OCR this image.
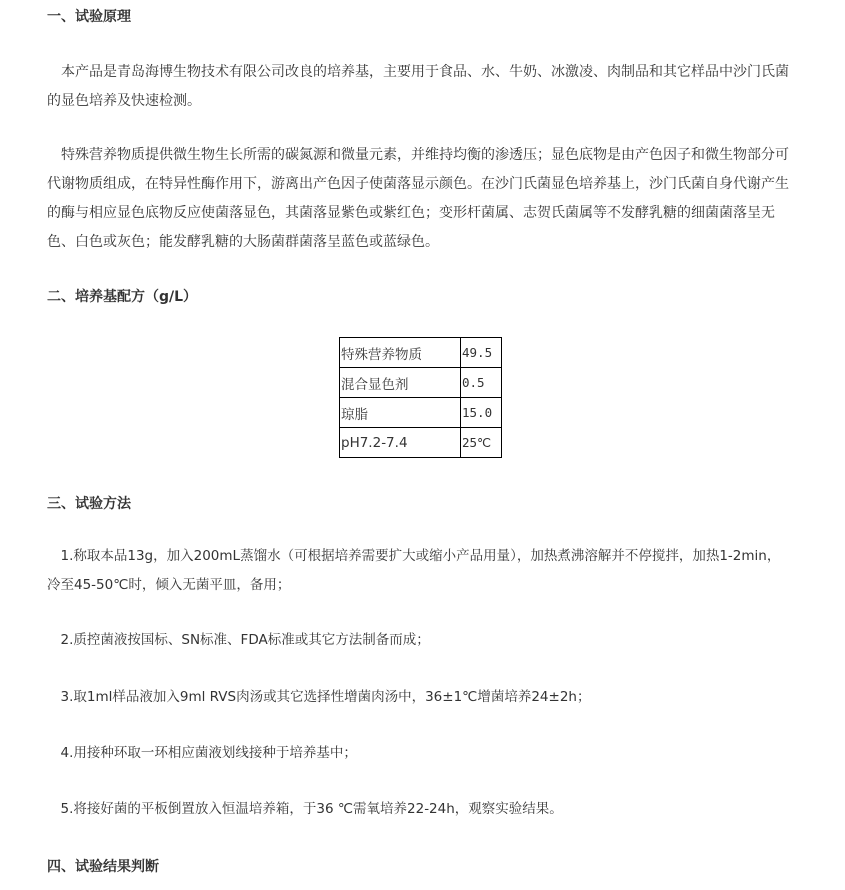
一、试验原理

　本产品是青岛海博生物技术有限公司改良的培养基，主要用于食品、水、牛奶、冰激凌、肉制品和其它样品中沙门氏菌
的显色培养及快速检测。

　特殊营养物质提供微生物生长所需的碳氮源和微量元素，并维持均衡的渗透压；显色底物是由产色因子和微生物部分可
代谢物质组成，在特异性酶作用下，游离出产色因子使菌落显示颜色。在沙门氏菌显色培养基上，沙门氏菌自身代谢产生
的酶与相应显色底物反应使菌落显色，其菌落显紫色或紫红色；变形杆菌属、志贺氏菌属等不发酵乳糖的细菌菌落呈无
色、白色或灰色；能发酵乳糖的大肠菌群菌落呈蓝色或蓝绿色。

二、培养基配方（g/L）
特殊营养物质	49.5
混合显色剂	0.5
琼脂	15.0
pH7.2-7.4	25℃
三、试验方法

　1.称取本品13g，加入200mL蒸馏水（可根据培养需要扩大或缩小产品用量），加热煮沸溶解并不停搅拌，加热1-2min，
冷至45-50℃时，倾入无菌平皿，备用；

　2.质控菌液按国标、SN标准、FDA标准或其它方法制备而成；

　3.取1ml样品液加入9ml RVS肉汤或其它选择性增菌肉汤中，36±1℃增菌培养24±2h；

　4.用接种环取一环相应菌液划线接种于培养基中；

　5.将接好菌的平板倒置放入恒温培养箱，于36 ℃需氧培养22-24h，观察实验结果。

四、试验结果判断
